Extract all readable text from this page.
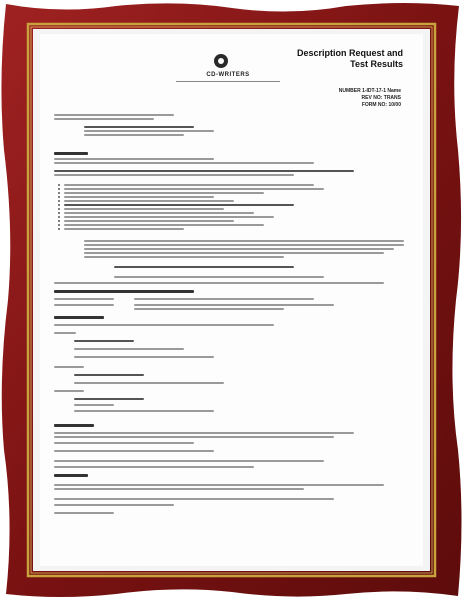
CD-WRITERS
Description Request and Test Results
NUMBER 1-IDT-17-1 Name
REV NO: TRANS
FORM NO: 10/00
